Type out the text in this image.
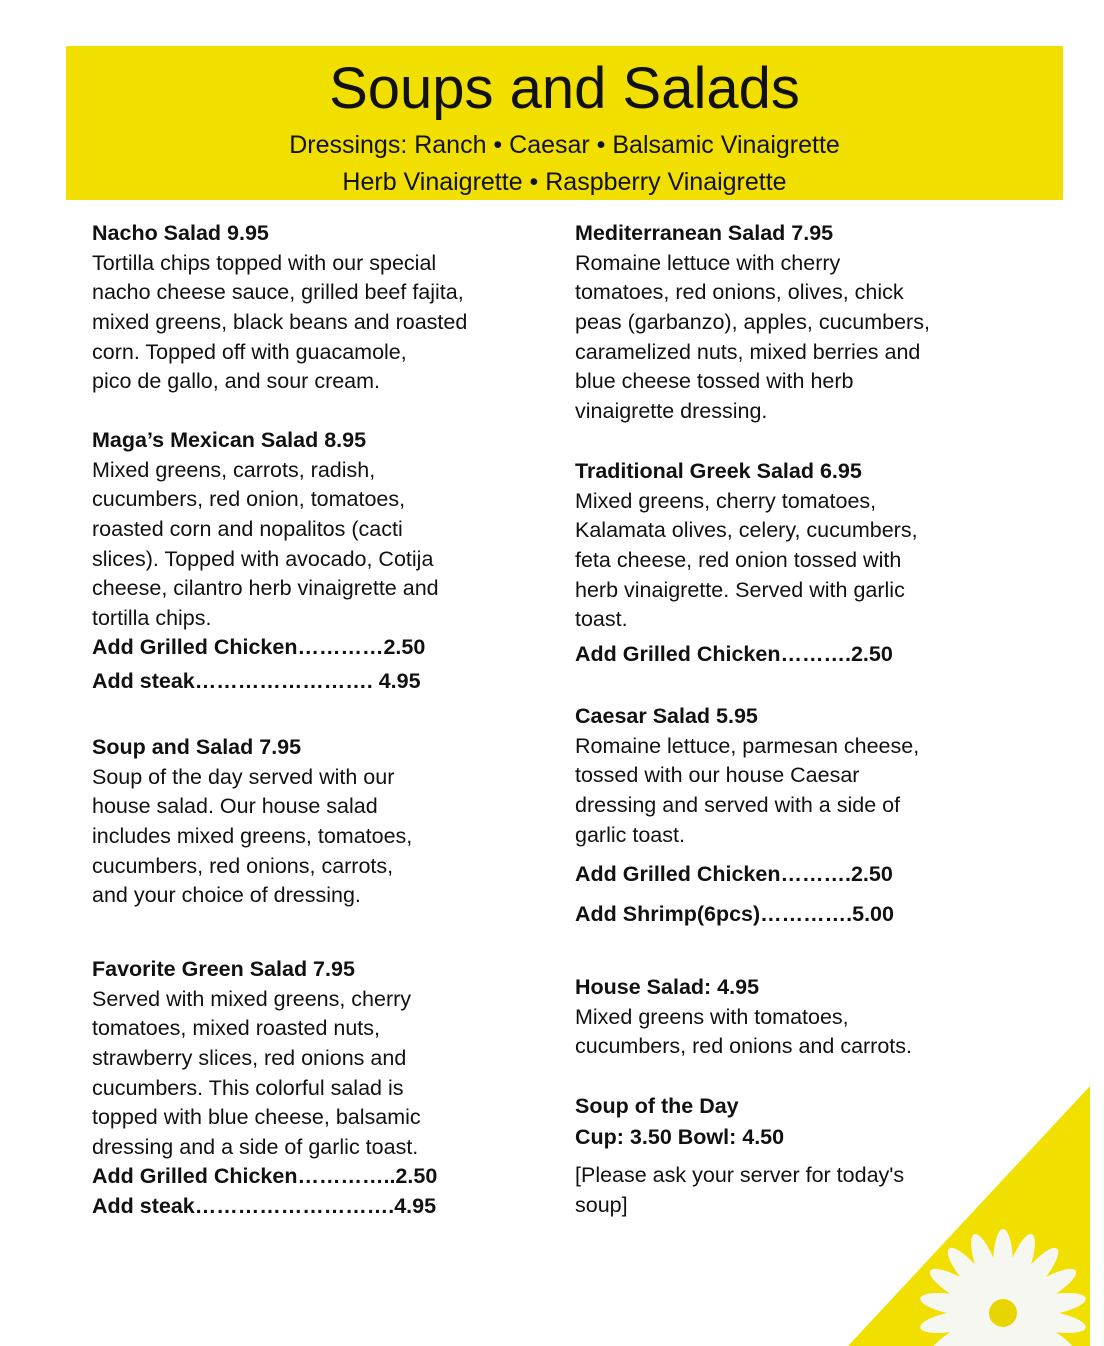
Soups and Salads
Dressings: Ranch • Caesar • Balsamic Vinaigrette
Herb Vinaigrette • Raspberry Vinaigrette
Nacho Salad 9.95
Tortilla chips topped with our special
nacho cheese sauce, grilled beef fajita,
mixed greens, black beans and roasted
corn. Topped off with guacamole,
pico de gallo, and sour cream.
Maga’s Mexican Salad 8.95
Mixed greens, carrots, radish,
cucumbers, red onion, tomatoes,
roasted corn and nopalitos (cacti
slices). Topped with avocado, Cotija
cheese, cilantro herb vinaigrette and
tortilla chips.
Add Grilled Chicken…………2.50
Add steak……………………. 4.95
Soup and Salad 7.95
Soup of the day served with our
house salad. Our house salad
includes mixed greens, tomatoes,
cucumbers, red onions, carrots,
and your choice of dressing.
Favorite Green Salad 7.95
Served with mixed greens, cherry
tomatoes, mixed roasted nuts,
strawberry slices, red onions and
cucumbers. This colorful salad is
topped with blue cheese, balsamic
dressing and a side of garlic toast.
Add Grilled Chicken…………..2.50
Add steak……………………….4.95
Mediterranean Salad 7.95
Romaine lettuce with cherry
tomatoes, red onions, olives, chick
peas (garbanzo), apples, cucumbers,
caramelized nuts, mixed berries and
blue cheese tossed with herb
vinaigrette dressing.
Traditional Greek Salad 6.95
Mixed greens, cherry tomatoes,
Kalamata olives, celery, cucumbers,
feta cheese, red onion tossed with
herb vinaigrette. Served with garlic
toast.
Add Grilled Chicken……….2.50
Caesar Salad 5.95
Romaine lettuce, parmesan cheese,
tossed with our house Caesar
dressing and served with a side of
garlic toast.
Add Grilled Chicken……….2.50
Add Shrimp(6pcs)………….5.00
House Salad: 4.95
Mixed greens with tomatoes,
cucumbers, red onions and carrots.
Soup of the Day
Cup: 3.50 Bowl: 4.50
[Please ask your server for today's
soup]
